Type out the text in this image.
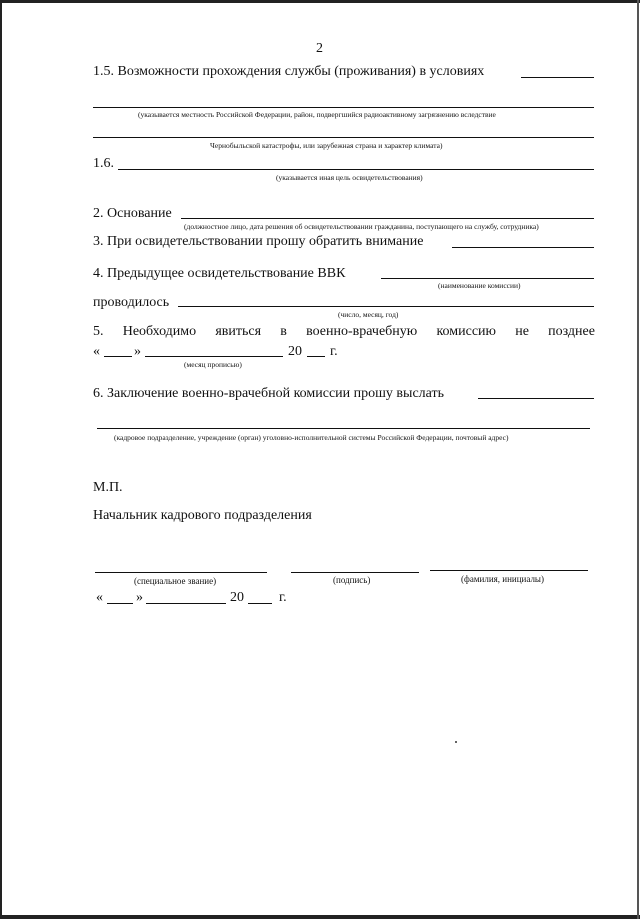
2
1.5. Возможности прохождения службы (проживания) в условиях
(указывается местность Российской Федерации, район, подвергшийся радиоактивному загрязнению вследствие
Чернобыльской катастрофы, или зарубежная страна и характер климата)
1.6.
(указывается иная цель освидетельствования)
2. Основание
(должностное лицо, дата решения об освидетельствовании гражданина, поступающего на службу, сотрудника)
3. При освидетельствовании прошу обратить внимание
4. Предыдущее освидетельствование ВВК
(наименование комиссии)
проводилось
(число, месяц, год)
5. Необходимо явиться в военно-врачебную комиссию не позднее
« »	20 г.
(месяц прописью)
6. Заключение военно-врачебной комиссии прошу выслать
(кадровое подразделение, учреждение (орган) уголовно-исполнительной системы Российской Федерации, почтовый адрес)
М.П.
Начальник кадрового подразделения
(специальное звание)	(подпись)	(фамилия, инициалы)
« »	20	г.
